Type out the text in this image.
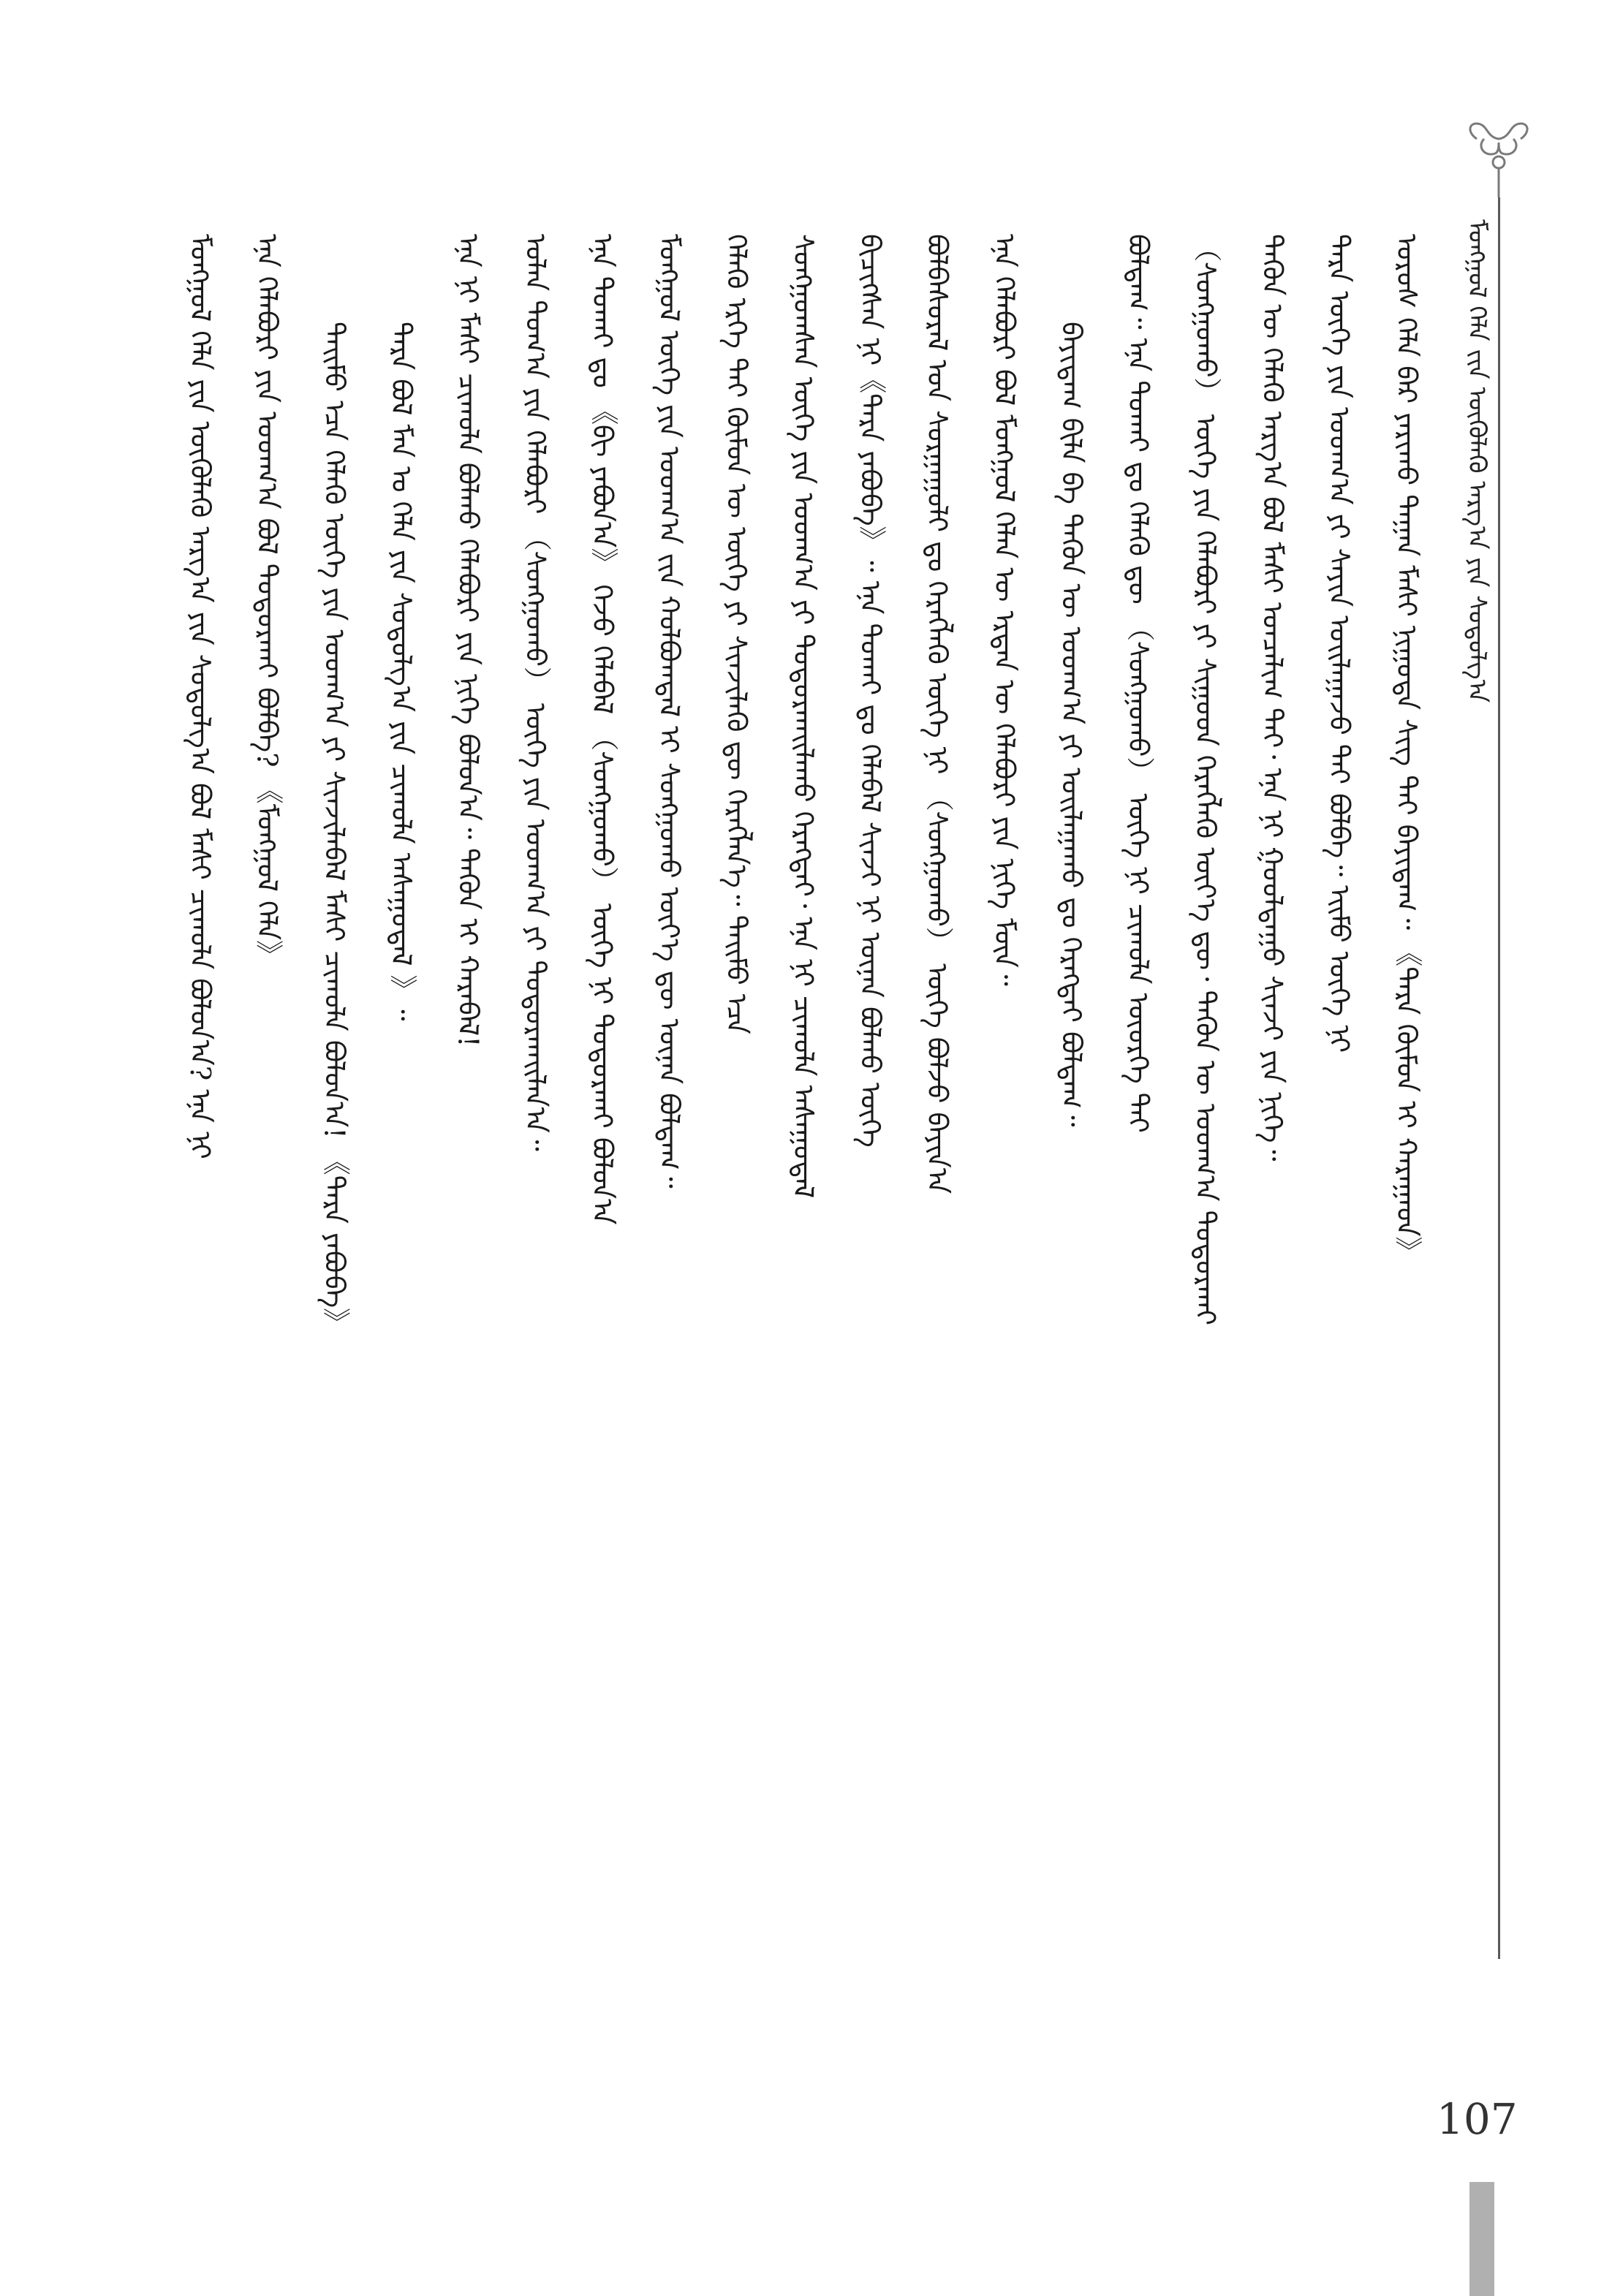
ᠮᠣᠩᠭᠣᠯ ᠬᠡᠯᠡ ᠵᠢᠨ ᠦᠭᠦᠯᠡᠬᠦ ᠠᠷᠭ᠎ᠠ ᠶᠢᠨ ᠰᠤᠳᠤᠯᠭ᠎ᠠ
ᠤᠷᠤᠰ ᠬᠡᠯᠡ ᠪᠡᠷ ᠶᠠᠷᠢᠬᠤ ᠳᠠᠭᠠᠨ ᠮᠠᠰᠢ ᠨᠢᠭᠤᠳᠠ ᠰᠢᠭ ᠲᠡᠢ ᠪᠠᠶᠢᠳᠠᠭ᠃ 《ᠲᠡᠷᠡ ᠬᠦᠮᠦᠨ ᠢ ᠬᠠᠷᠠᠭᠠᠳ》
ᠲᠡᠷᠡ ᠦᠭᠡ ᠶᠢᠨ ᠤᠳᠬ᠎ᠠ ᠶᠢ ᠰᠠᠶᠢᠨ ᠤᠢᠯᠠᠭᠠᠵᠤ ᠲᠡᠢ ᠪᠣᠯᠪᠠ᠃ ᠡᠢᠮᠦ ᠦᠭᠡ ᠨᠢ
ᠲᠡᠭᠦᠨ ᠦ ᠬᠡᠯᠡᠬᠦ ᠠᠷᠭ᠎ᠠ ᠪᠣᠯ ᠮᠠᠰᠢ ᠣᠨᠴᠠᠯᠢᠭ ᠲᠠᠢ᠂ ᠡᠨᠡ ᠨᠢ ᠭᠣᠣᠯᠳᠠᠭᠤ ᠰᠢᠨᠵᠢ ᠶᠢᠨ ᠨᠢᠭᠡ᠃
（ᠰᠣᠩᠭᠣᠬᠤ） ᠦᠭᠡ ᠶᠢᠨ ᠬᠡᠯᠡᠪᠦᠷᠢ ᠶᠢ ᠰᠢᠭᠤᠳ ᠬᠡᠷᠡᠭᠯᠡᠬᠦ ᠦᠶ᠎ᠡ ᠳᠦ᠂ ᠲᠡᠭᠦᠨ ᠦ ᠤᠳᠬ᠎ᠠ ᠲᠣᠳᠤᠷᠬᠠᠢ
ᠪᠣᠯᠳᠠᠭ᠃ ᠡᠨᠡ ᠲᠤᠬᠠᠢ ᠳᠤ ᠬᠡᠯᠡᠬᠦ ᠳᠦ （ᠰᠣᠩᠭᠣᠬᠤ） ᠦᠭᠡ ᠨᠢ ᠴᠢᠬᠤᠯᠠ ᠦᠦᠷᠭᠡ ᠲᠠᠢ
ᠪᠠᠶᠢᠳᠠᠭ ᠪᠢᠯᠡ ᠪᠠ ᠲᠡᠭᠦᠨ ᠦ ᠤᠳᠬ᠎ᠠ ᠶᠢ ᠣᠢᠯᠠᠭᠠᠬᠤ ᠳᠤ ᠬᠡᠷᠡᠭᠲᠡᠢ ᠪᠣᠯᠳᠠᠭ᠃
ᠡᠨᠡ ᠬᠡᠯᠡᠪᠦᠷᠢ ᠪᠣᠯ ᠮᠣᠩᠭᠣᠯ ᠬᠡᠯᠡᠨ ᠦ ᠡᠷᠲᠡᠨ ᠦ ᠬᠡᠯᠡᠪᠦᠷᠢ ᠶᠢᠨ ᠨᠢᠭᠡ ᠮᠥᠨ᠃
ᠪᠣᠯᠪᠠᠰᠤᠷᠠᠯ ᠤᠨ ᠰᠤᠷᠭᠠᠭᠤᠯᠢ ᠳᠤ ᠬᠡᠷᠡᠭᠯᠡᠬᠦ ᠦᠭᠡ ᠨᠢ （ᠰᠣᠩᠭᠣᠬᠤ） ᠦᠭᠡ ᠪᠣᠯᠵᠤ ᠪᠠᠶᠢᠨ᠎ᠠ
ᠪᠢᠴᠢᠭᠰᠡᠨ ᠨᠢ《ᠲᠡᠷᠡ ᠶᠠᠪᠤᠪᠠ》᠃ ᠡᠨᠡ ᠲᠤᠬᠠᠢ ᠳᠤ ᠬᠡᠯᠡᠪᠡᠯ ᠰᠢᠨᠵᠢ ᠨᠢ ᠦᠨᠡᠨ ᠪᠣᠯᠬᠤ ᠦᠭᠡ
ᠰᠣᠩᠭᠣᠭᠰᠠᠨ ᠦᠭᠡ ᠶᠢᠨ ᠤᠳᠬ᠎ᠠ ᠶᠢ ᠲᠣᠳᠤᠷᠬᠠᠢᠯᠠᠬᠤ ᠬᠡᠷᠡᠭᠲᠡᠢ᠂ ᠡᠨᠡ ᠨᠢ ᠴᠢᠬᠤᠯᠠ ᠠᠰᠠᠭᠤᠳᠠᠯ
ᠬᠡᠯᠡᠬᠦ ᠡᠷᠬᠡ ᠲᠡᠢ ᠬᠦᠮᠦᠨ ᠦ ᠦᠭᠡ ᠶᠢ ᠰᠢᠨᠵᠢᠯᠡᠬᠦ ᠳᠦ ᠬᠡᠷᠡᠭᠯᠡᠨ᠎ᠡ᠃ ᠲᠡᠢᠮᠦ ᠡᠴᠡ
ᠮᠣᠩᠭᠣᠯ ᠦᠭᠡ ᠶᠢᠨ ᠤᠳᠬ᠎ᠠ ᠵᠢᠨ ᠬᠣᠯᠪᠣᠭᠳᠠᠯ ᠢ ᠰᠣᠩᠭᠣᠬᠤ ᠦᠶ᠎ᠡ ᠳᠦ ᠦᠨᠡᠨ ᠪᠣᠯᠳᠠᠭ᠃
ᠡᠨᠡ ᠲᠤᠬᠠᠢ ᠳᠤ 《ᠪᠢ ᠶᠠᠪᠤᠨ᠎ᠠ》 ᠭᠡᠵᠦ ᠬᠡᠯᠡᠪᠡᠯ （ᠰᠣᠩᠭᠣᠬᠤ） ᠦᠭᠡ ᠨᠢ ᠲᠣᠳᠤᠷᠬᠠᠢ ᠪᠣᠯᠤᠨ᠎ᠠ
ᠣᠯᠠᠨ ᠲᠣᠭ᠎ᠠ ᠶᠢᠨ ᠬᠡᠯᠡᠪᠦᠷᠢ （ᠰᠣᠩᠭᠣᠬᠤ） ᠦᠭᠡ ᠶᠢᠨ ᠤᠳᠬ᠎ᠠ ᠶᠢ ᠲᠣᠳᠤᠷᠬᠠᠢᠯᠠᠨ᠎ᠠ᠃
ᠡᠨᠡ ᠨᠢ ᠮᠠᠰᠢ ᠴᠢᠬᠤᠯᠠ ᠪᠣᠯᠬᠤ ᠬᠡᠯᠡᠪᠦᠷᠢ ᠶᠢᠨ ᠨᠢᠭᠡ ᠪᠣᠯᠤᠨ᠎ᠠ᠃ ᠲᠡᠭᠦᠨ ᠢ ᠬᠠᠷᠠᠪᠠᠯ!
ᠲᠡᠷᠡ ᠪᠣᠯ ᠮᠠᠨ ᠤ ᠬᠡᠯᠡ ᠶᠢᠨ ᠰᠤᠳᠤᠯᠭ᠎ᠠ ᠶᠢᠨ ᠴᠢᠬᠤᠯᠠ ᠠᠰᠠᠭᠤᠳᠠᠯ 》᠃
ᠲᠡᠢᠮᠦ ᠡᠴᠡ ᠬᠡᠯᠡᠬᠦ ᠦᠭᠡ ᠶᠢᠨ ᠤᠳᠬ᠎ᠠ ᠶᠢ ᠰᠢᠨᠵᠢᠯᠡᠪᠡᠯ ᠮᠠᠰᠢ ᠴᠢᠬᠤᠯᠠ ᠪᠣᠯᠤᠨ᠎ᠠ! 《ᠲᠡᠷᠡ ᠶᠠᠪᠤᠪᠠ》
ᠡᠨᠡ ᠬᠡᠯᠡᠪᠦᠷᠢ ᠶᠢᠨ ᠤᠳᠬ᠎ᠠ ᠪᠣᠯ ᠲᠣᠳᠤᠷᠬᠠᠢ ᠪᠣᠯᠪᠠ? 《ᠮᠣᠩᠭᠣᠯ ᠬᠡᠯᠡ》
ᠮᠣᠩᠭᠣᠯ ᠬᠡᠯᠡ ᠶᠢᠨ ᠦᠭᠦᠯᠡᠬᠦ ᠠᠷᠭ᠎ᠠ ᠶᠢᠨ ᠰᠤᠳᠤᠯᠭ᠎ᠠ ᠪᠣᠯ ᠮᠠᠰᠢ ᠴᠢᠬᠤᠯᠠ ᠪᠣᠯᠤᠨ᠎ᠠ? ᠡᠨᠡ ᠨᠢ
107
